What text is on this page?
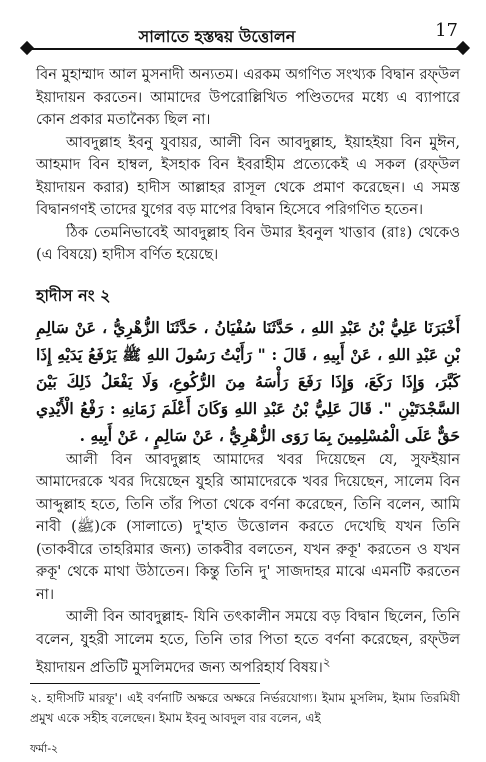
সালাতে হস্তদ্বয় উত্তোলন	17

বিন মুহাম্মাদ আল মুসনাদী অন্যতম। এরকম অগণিত সংখ্যক বিদ্বান রফ্‌উল ইয়াদায়ন করতেন। আমাদের উপরোল্লিখিত পণ্ডিতদের মধ্যে এ ব্যাপারে কোন প্রকার মতানৈক্য ছিল না।

আবদুল্লাহ ইবনু যুবায়র, আলী বিন আবদুল্লাহ, ইয়াহইয়া বিন মুঈন, আহমাদ বিন হাম্বল, ইসহাক বিন ইবরাহীম প্রত্যেকেই এ সকল (রফ্‌উল ইয়াদায়ন করার) হাদীস আল্লাহর রাসূল থেকে প্রমাণ করেছেন। এ সমস্ত বিদ্বানগণই তাদের যুগের বড় মাপের বিদ্বান হিসেবে পরিগণিত হতেন।

ঠিক তেমনিভাবেই আবদুল্লাহ বিন উমার ইবনুল খাত্তাব (রাঃ) থেকেও (এ বিষয়ে) হাদীস বর্ণিত হয়েছে।

হাদীস নং ২

أَخْبَرَنَا عَلِيُّ بْنُ عَبْدِ اللهِ ، حَدَّثَنَا سُفْيَانُ ، حَدَّثَنَا الزُّهْرِيُّ ، عَنْ سَالِمِ بْنِ عَبْدِ اللهِ ، عَنْ أَبِيهِ ، قَالَ : " رَأَيْتُ رَسُولَ اللهِ ﷺ يَرْفَعُ يَدَيْهِ إِذَا كَبَّرَ، وَإِذَا رَكَعَ، وَإِذَا رَفَعَ رَأْسَهُ مِنَ الرُّكُوعِ، وَلَا يَفْعَلُ ذَلِكَ بَيْنَ السَّجْدَتَيْنِ ". قَالَ عَلِيُّ بْنُ عَبْدِ اللهِ وَكَانَ أَعْلَمَ زَمَانِهِ : رَفْعُ الْأَيْدِي حَقٌّ عَلَى الْمُسْلِمِينَ بِمَا رَوَى الزُّهْرِيُّ ، عَنْ سَالِمٍ ، عَنْ أَبِيهِ .

আলী বিন আবদুল্লাহ আমাদের খবর দিয়েছেন যে, সুফইয়ান আমাদেরকে খবর দিয়েছেন যুহরি আমাদেরকে খবর দিয়েছেন, সালেম বিন আব্দুল্লাহ হতে, তিনি তাঁর পিতা থেকে বর্ণনা করেছেন, তিনি বলেন, আমি নাবী (ﷺ)কে (সালাতে) দু'হাত উত্তোলন করতে দেখেছি যখন তিনি (তাকবীরে তাহরিমার জন্য) তাকবীর বলতেন, যখন রুকূ' করতেন ও যখন রুকূ' থেকে মাথা উঠাতেন। কিন্তু তিনি দু' সাজদাহর মাঝে এমনটি করতেন না।

আলী বিন আবদুল্লাহ- যিনি তৎকালীন সময়ে বড় বিদ্বান ছিলেন, তিনি বলেন, যুহরী সালেম হতে, তিনি তার পিতা হতে বর্ণনা করেছেন, রফ্‌উল ইয়াদায়ন প্রতিটি মুসলিমদের জন্য অপরিহার্য বিষয়।$^২$

২. হাদীসটি মারফূ'। এই বর্ণনাটি অক্ষরে অক্ষরে নির্ভরযোগ্য। ইমাম মুসলিম, ইমাম তিরমিযী প্রমুখ একে সহীহ বলেছেন। ইমাম ইবনু আবদুল বার বলেন, এই

ফর্মা-২
